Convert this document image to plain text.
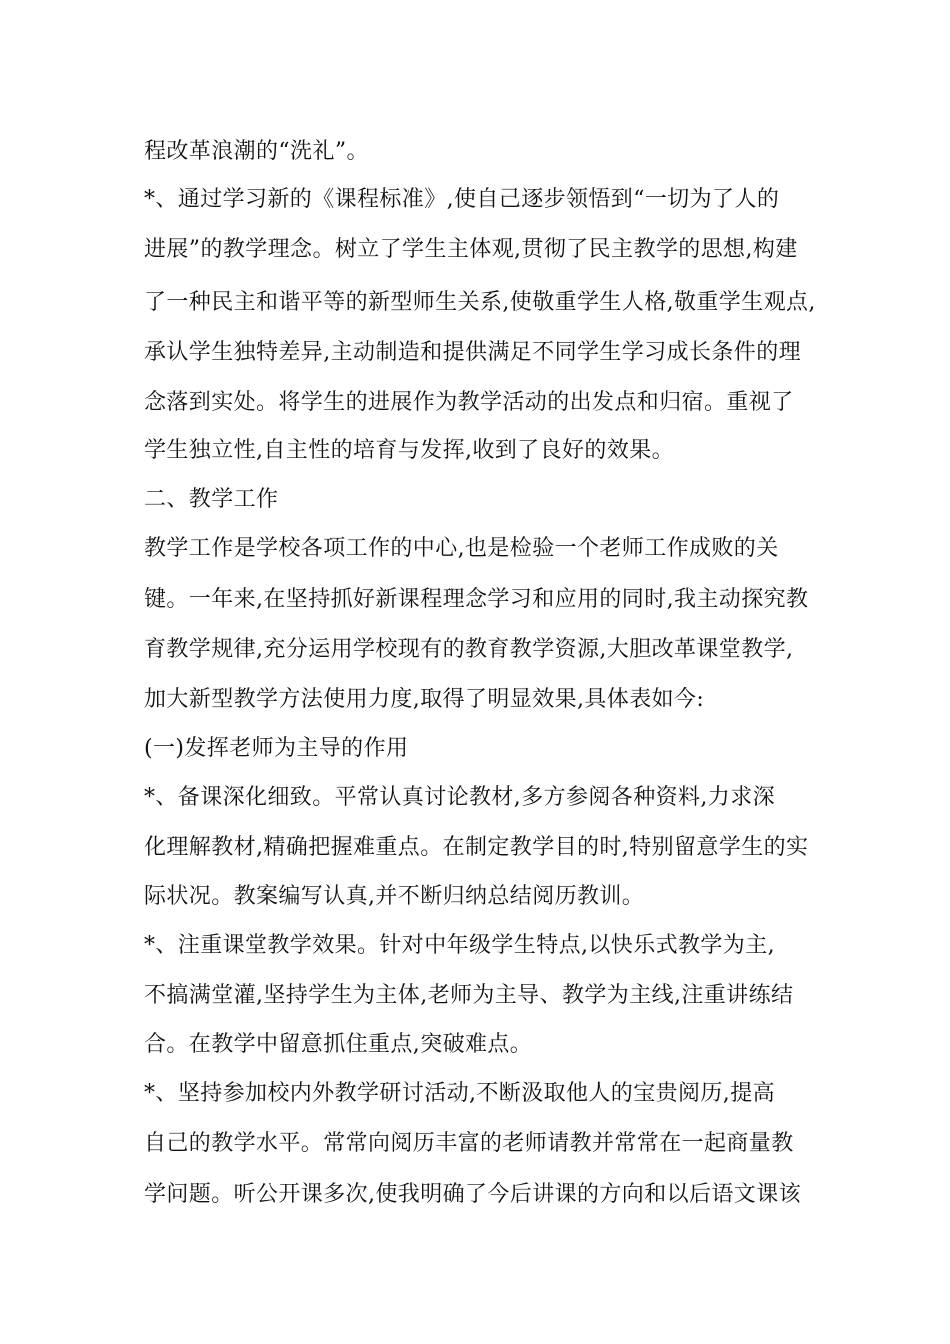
程改革浪潮的“洗礼”。
*、通过学习新的《课程标准》,使自己逐步领悟到“一切为了人的
进展”的教学理念。树立了学生主体观,贯彻了民主教学的思想,构建
了一种民主和谐平等的新型师生关系,使敬重学生人格,敬重学生观点,
承认学生独特差异,主动制造和提供满足不同学生学习成长条件的理
念落到实处。将学生的进展作为教学活动的出发点和归宿。重视了
学生独立性,自主性的培育与发挥,收到了良好的效果。
二、教学工作
教学工作是学校各项工作的中心,也是检验一个老师工作成败的关
键。一年来,在坚持抓好新课程理念学习和应用的同时,我主动探究教
育教学规律,充分运用学校现有的教育教学资源,大胆改革课堂教学,
加大新型教学方法使用力度,取得了明显效果,具体表如今:
(一)发挥老师为主导的作用
*、备课深化细致。平常认真讨论教材,多方参阅各种资料,力求深
化理解教材,精确把握难重点。在制定教学目的时,特别留意学生的实
际状况。教案编写认真,并不断归纳总结阅历教训。
*、注重课堂教学效果。针对中年级学生特点,以快乐式教学为主,
不搞满堂灌,坚持学生为主体,老师为主导、教学为主线,注重讲练结
合。在教学中留意抓住重点,突破难点。
*、坚持参加校内外教学研讨活动,不断汲取他人的宝贵阅历,提高
自己的教学水平。常常向阅历丰富的老师请教并常常在一起商量教
学问题。听公开课多次,使我明确了今后讲课的方向和以后语文课该
